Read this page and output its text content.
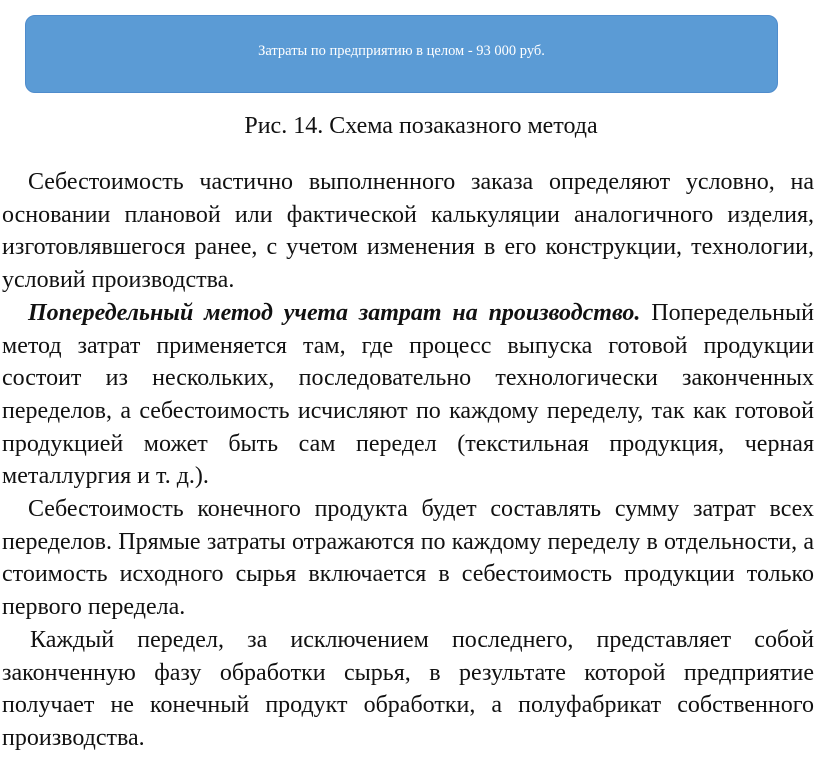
Затраты по предприятию в целом - 93 000 руб.
Рис. 14. Схема позаказного метода

Себестоимость частично выполненного заказа определяют условно, на основании плановой или фактической калькуляции аналогичного изделия, изготовлявшегося ранее, с учетом изменения в его конструкции, технологии, условий производства.

Попередельный метод учета затрат на производство. Попередельный метод затрат применяется там, где процесс выпуска готовой продукции состоит из нескольких, последовательно технологически законченных переделов, а себестоимость исчисляют по каждому переделу, так как готовой продукцией может быть сам передел (текстильная продукция, черная металлургия и т. д.).

Себестоимость конечного продукта будет составлять сумму затрат всех переделов. Прямые затраты отражаются по каждому переделу в отдельности, а стоимость исходного сырья включается в себестоимость продукции только первого передела.

Каждый передел, за исключением последнего, представляет собой законченную фазу обработки сырья, в результате которой предприятие получает не конечный продукт обработки, а полуфабрикат собственного производства.
